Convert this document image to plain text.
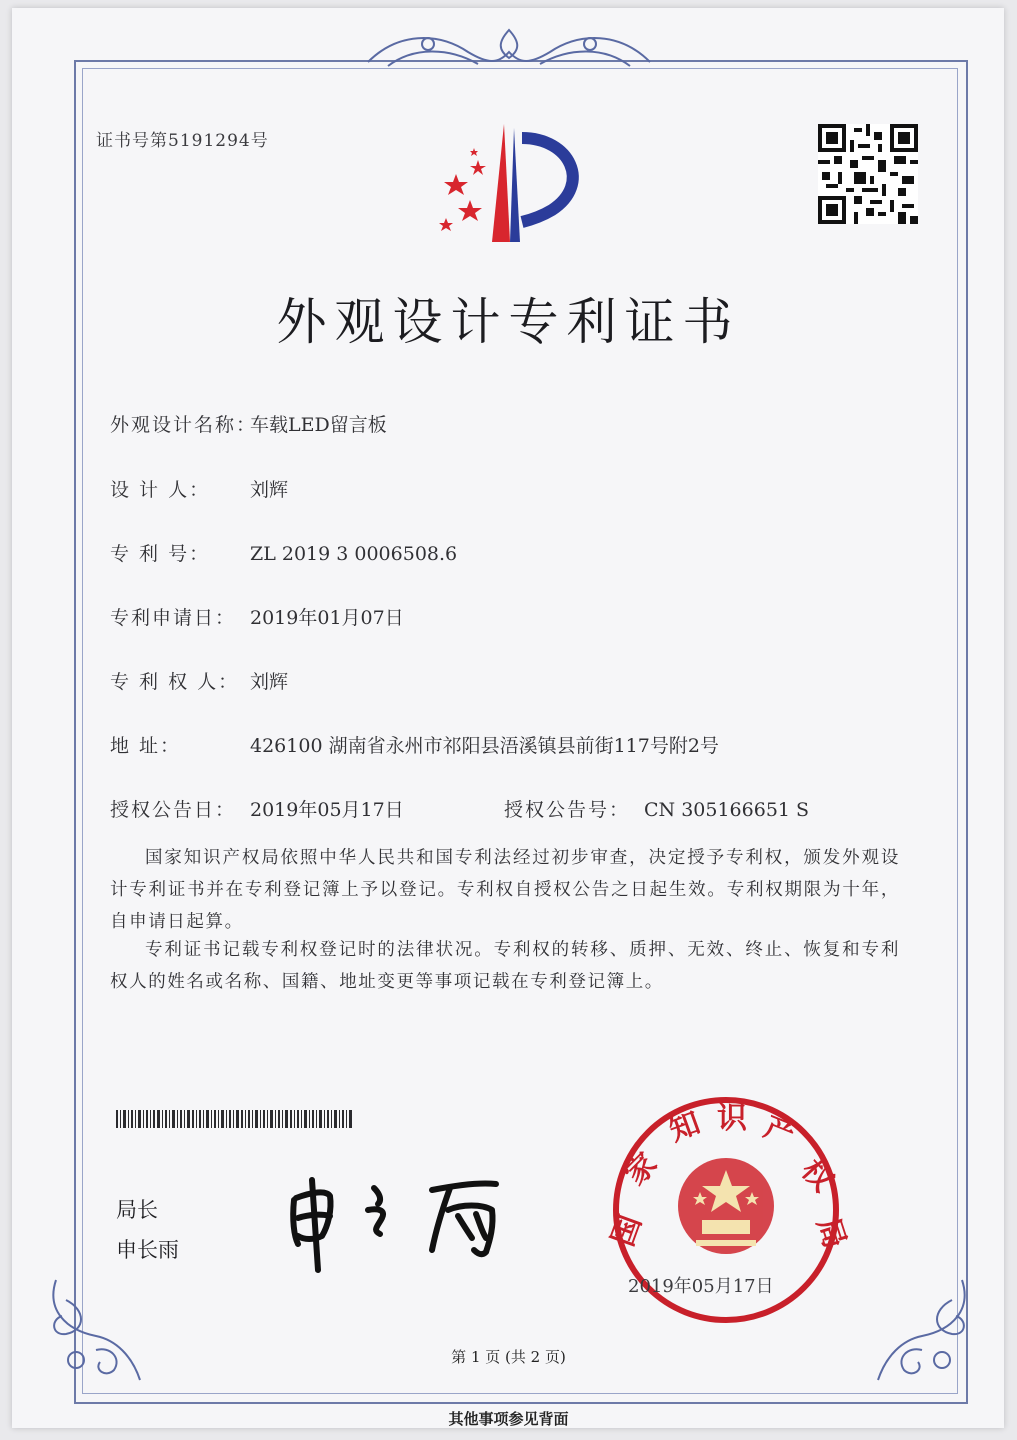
证书号第5191294号
外观设计专利证书
外观设计名称：车载LED留言板
设 计 人： 刘辉
专 利 号： ZL 2019 3 0006508.6
专利申请日： 2019年01月07日
专 利 权 人： 刘辉
地 址：	426100 湖南省永州市祁阳县浯溪镇县前街117号附2号
授权公告日： 2019年05月17日	授权公告号： CN 305166651 S
国家知识产权局依照中华人民共和国专利法经过初步审查，决定授予专利权，颁发外观设计专利证书并在专利登记簿上予以登记。专利权自授权公告之日起生效。专利权期限为十年，自申请日起算。
专利证书记载专利权登记时的法律状况。专利权的转移、质押、无效、终止、恢复和专利权人的姓名或名称、国籍、地址变更等事项记载在专利登记簿上。
局长
申长雨	国
家
知 识 产
权
局
2019年05月17日
第 1 页 (共 2 页)
其他事项参见背面
